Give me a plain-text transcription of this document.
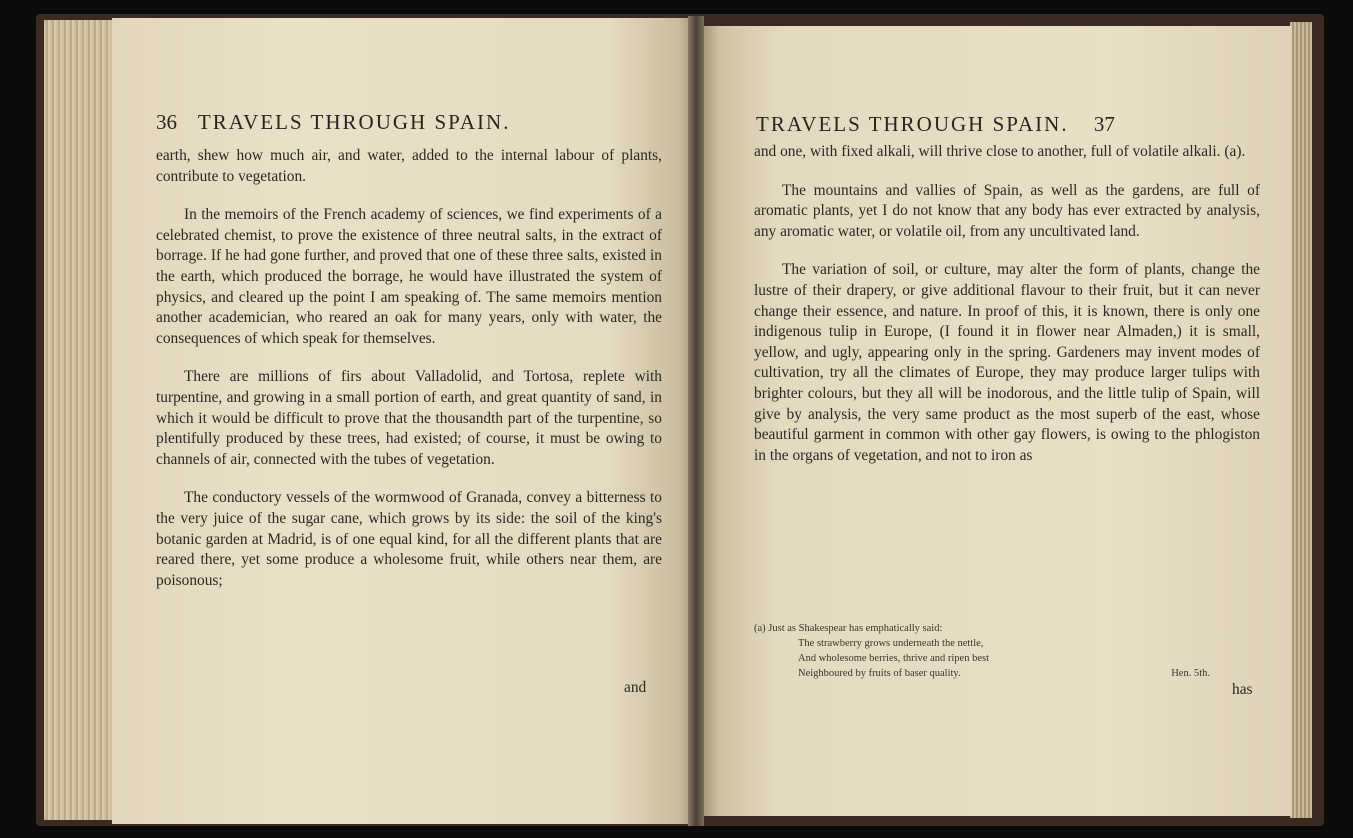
36 TRAVELS THROUGH SPAIN.

earth, shew how much air, and water, added to the internal labour of plants, contribute to vegetation.

In the memoirs of the French academy of sciences, we find experiments of a celebrated chemist, to prove the existence of three neutral salts, in the extract of borrage. If he had gone further, and proved that one of these three salts, existed in the earth, which produced the borrage, he would have illustrated the system of physics, and cleared up the point I am speaking of. The same memoirs mention another academician, who reared an oak for many years, only with water, the consequences of which speak for themselves.

There are millions of firs about Valladolid, and Tortosa, replete with turpentine, and growing in a small portion of earth, and great quantity of sand, in which it would be difficult to prove that the thousandth part of the turpentine, so plentifully produced by these trees, had existed; of course, it must be owing to channels of air, connected with the tubes of vegetation.

The conductory vessels of the wormwood of Granada, convey a bitterness to the very juice of the sugar cane, which grows by its side: the soil of the king's botanic garden at Madrid, is of one equal kind, for all the different plants that are reared there, yet some produce a wholesome fruit, while others near them, are poisonous;

and
TRAVELS THROUGH SPAIN. 37

and one, with fixed alkali, will thrive close to another, full of volatile alkali. (a).

The mountains and vallies of Spain, as well as the gardens, are full of aromatic plants, yet I do not know that any body has ever extracted by analysis, any aromatic water, or volatile oil, from any uncultivated land.

The variation of soil, or culture, may alter the form of plants, change the lustre of their drapery, or give additional flavour to their fruit, but it can never change their essence, and nature. In proof of this, it is known, there is only one indigenous tulip in Europe, (I found it in flower near Almaden,) it is small, yellow, and ugly, appearing only in the spring. Gardeners may invent modes of cultivation, try all the climates of Europe, they may produce larger tulips with brighter colours, but they all will be inodorous, and the little tulip of Spain, will give by analysis, the very same product as the most superb of the east, whose beautiful garment in common with other gay flowers, is owing to the phlogiston in the organs of vegetation, and not to iron as

(a) Just as Shakespear has emphatically said:
The strawberry grows underneath the nettle,
And wholesome berries, thrive and ripen best
Neighboured by fruits of baser quality.	Hen. 5th.
has
